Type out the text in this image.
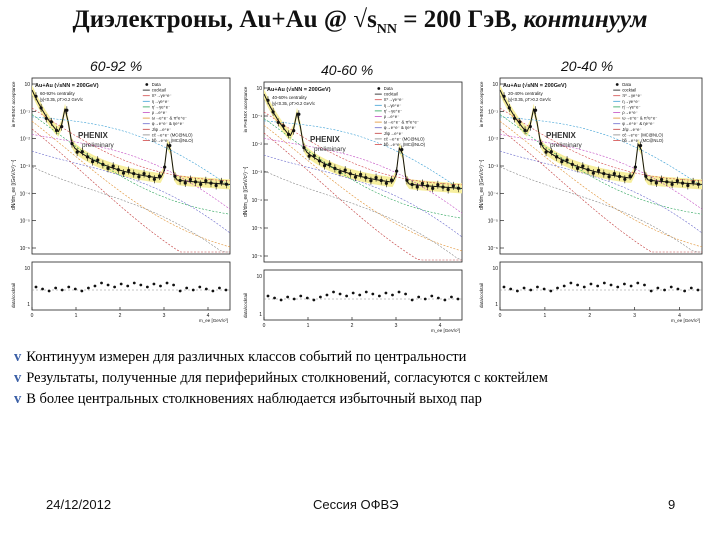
Диэлектроны, Au+Au @ $√s_{NN} = 200$ ГэВ, континуум
60-92 %	40-60 %	20-40 %
10
10⁻¹
10⁻²
10⁻³
10⁻⁴
10⁻⁵
10⁻⁶
0	1	2	3	4
m_ee [GeV/c²]
10
1
dN/dm_ee [(GeV/c²)⁻¹]
in PHENIX acceptance
data/cocktail
Au+Au (√sNN = 200GeV)
60-92% centrality
|y|<0.35, pT>0.2 GeV/c
PHENIX
preliminary
Data
cocktail
π⁰→γe⁺e⁻
η→γe⁺e⁻
η'→γe⁺e⁻
ρ→e⁺e⁻
ω→e⁺e⁻ & π⁰e⁺e⁻
φ→e⁺e⁻ & ηe⁺e⁻
J/ψ→e⁺e⁻
cc̄→e⁺e⁻ (MC@NLO)
bb̄→e⁺e⁻ (MC@NLO)
10
10⁻¹
10⁻²
10⁻³
10⁻⁴
10⁻⁵
10⁻⁶
0	1	2	3	4
m_ee [GeV/c²]
10
1
dN/dm_ee [(GeV/c²)⁻¹]
in PHENIX acceptance
data/cocktail
Au+Au (√sNN = 200GeV)
40-60% centrality
|y|<0.35, pT>0.2 GeV/c
PHENIX
preliminary
Data
cocktail
π⁰→γe⁺e⁻
η→γe⁺e⁻
η'→γe⁺e⁻
ρ→e⁺e⁻
ω→e⁺e⁻ & π⁰e⁺e⁻
φ→e⁺e⁻ & ηe⁺e⁻
J/ψ→e⁺e⁻
cc̄→e⁺e⁻ (MC@NLO)
bb̄→e⁺e⁻ (MC@NLO)
10
10⁻¹
10⁻²
10⁻³
10⁻⁴
10⁻⁵
10⁻⁶
0	1	2	3	4
m_ee [GeV/c²]
10
1
dN/dm_ee [(GeV/c²)⁻¹]
in PHENIX acceptance
data/cocktail
Au+Au (√sNN = 200GeV)
20-40% centrality
|y|<0.35, pT>0.2 GeV/c
PHENIX
preliminary
Data
cocktail
π⁰→γe⁺e⁻
η→γe⁺e⁻
η'→γe⁺e⁻
ρ→e⁺e⁻
ω→e⁺e⁻ & π⁰e⁺e⁻
φ→e⁺e⁻ & ηe⁺e⁻
J/ψ→e⁺e⁻
cc̄→e⁺e⁻ (MC@NLO)
bb̄→e⁺e⁻ (MC@NLO)
v Континуум измерен для различных классов событий по центральности
v Результаты, полученные для периферийных столкновений, согласуются с коктейлем
v В более центральных столкновениях наблюдается избыточный выход пар
24/12/2012	Сессия ОФВЭ	9
